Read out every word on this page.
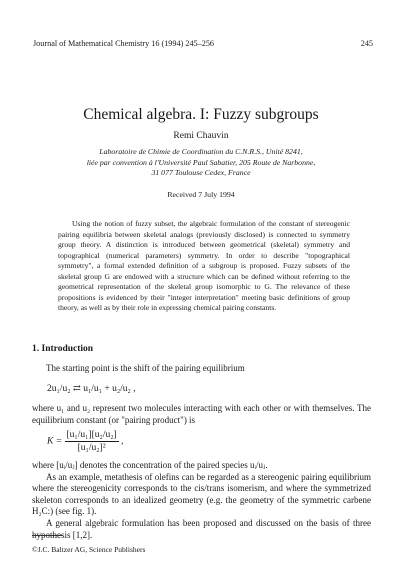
Journal of Mathematical Chemistry 16 (1994) 245–256	245
Chemical algebra. I: Fuzzy subgroups
Remi Chauvin
Laboratoire de Chimie de Coordination du C.N.R.S., Unité 8241,
liée par convention à l'Université Paul Sabatier, 205 Route de Narbonne,
31 077 Toulouse Cedex, France
Received 7 July 1994

Using the notion of fuzzy subset, the algebraic formulation of the constant of stereogenic pairing equilibria between skeletal analogs (previously disclosed) is connected to symmetry group theory. A distinction is introduced between geometrical (skeletal) symmetry and topographical (numerical parameters) symmetry. In order to describe "topographical symmetry", a formal extended definition of a subgroup is proposed. Fuzzy subsets of the skeletal group G are endowed with a structure which can be defined without referring to the geometrical representation of the skeletal group isomorphic to G. The relevance of these propositions is evidenced by their "integer interpretation" meeting basic definitions of group theory, as well as by their role in expressing chemical pairing constants.

1. Introduction

The starting point is the shift of the pairing equilibrium

2u₁/u₂ ⇄ u₁/u₁ + u₂/u₂ ,

where u₁ and u₂ represent two molecules interacting with each other or with themselves. The equilibrium constant (or "pairing product") is

$K = \frac{\text{[u₁/u₁][u₂/u₂]}}{\text{[u₁/u₂]²}}$ ,

where [uᵢ/uⱼ] denotes the concentration of the paired species uᵢ/uⱼ.

As an example, metathesis of olefins can be regarded as a stereogenic pairing equilibrium where the stereogenicity corresponds to the cis/trans isomerism, and where the symmetrized skeleton corresponds to an idealized geometry (e.g. the geometry of the symmetric carbene H₂C:) (see fig. 1).

A general algebraic formulation has been proposed and discussed on the basis of three hypothesis [1,2].

©J.C. Baltzer AG, Science Publishers
